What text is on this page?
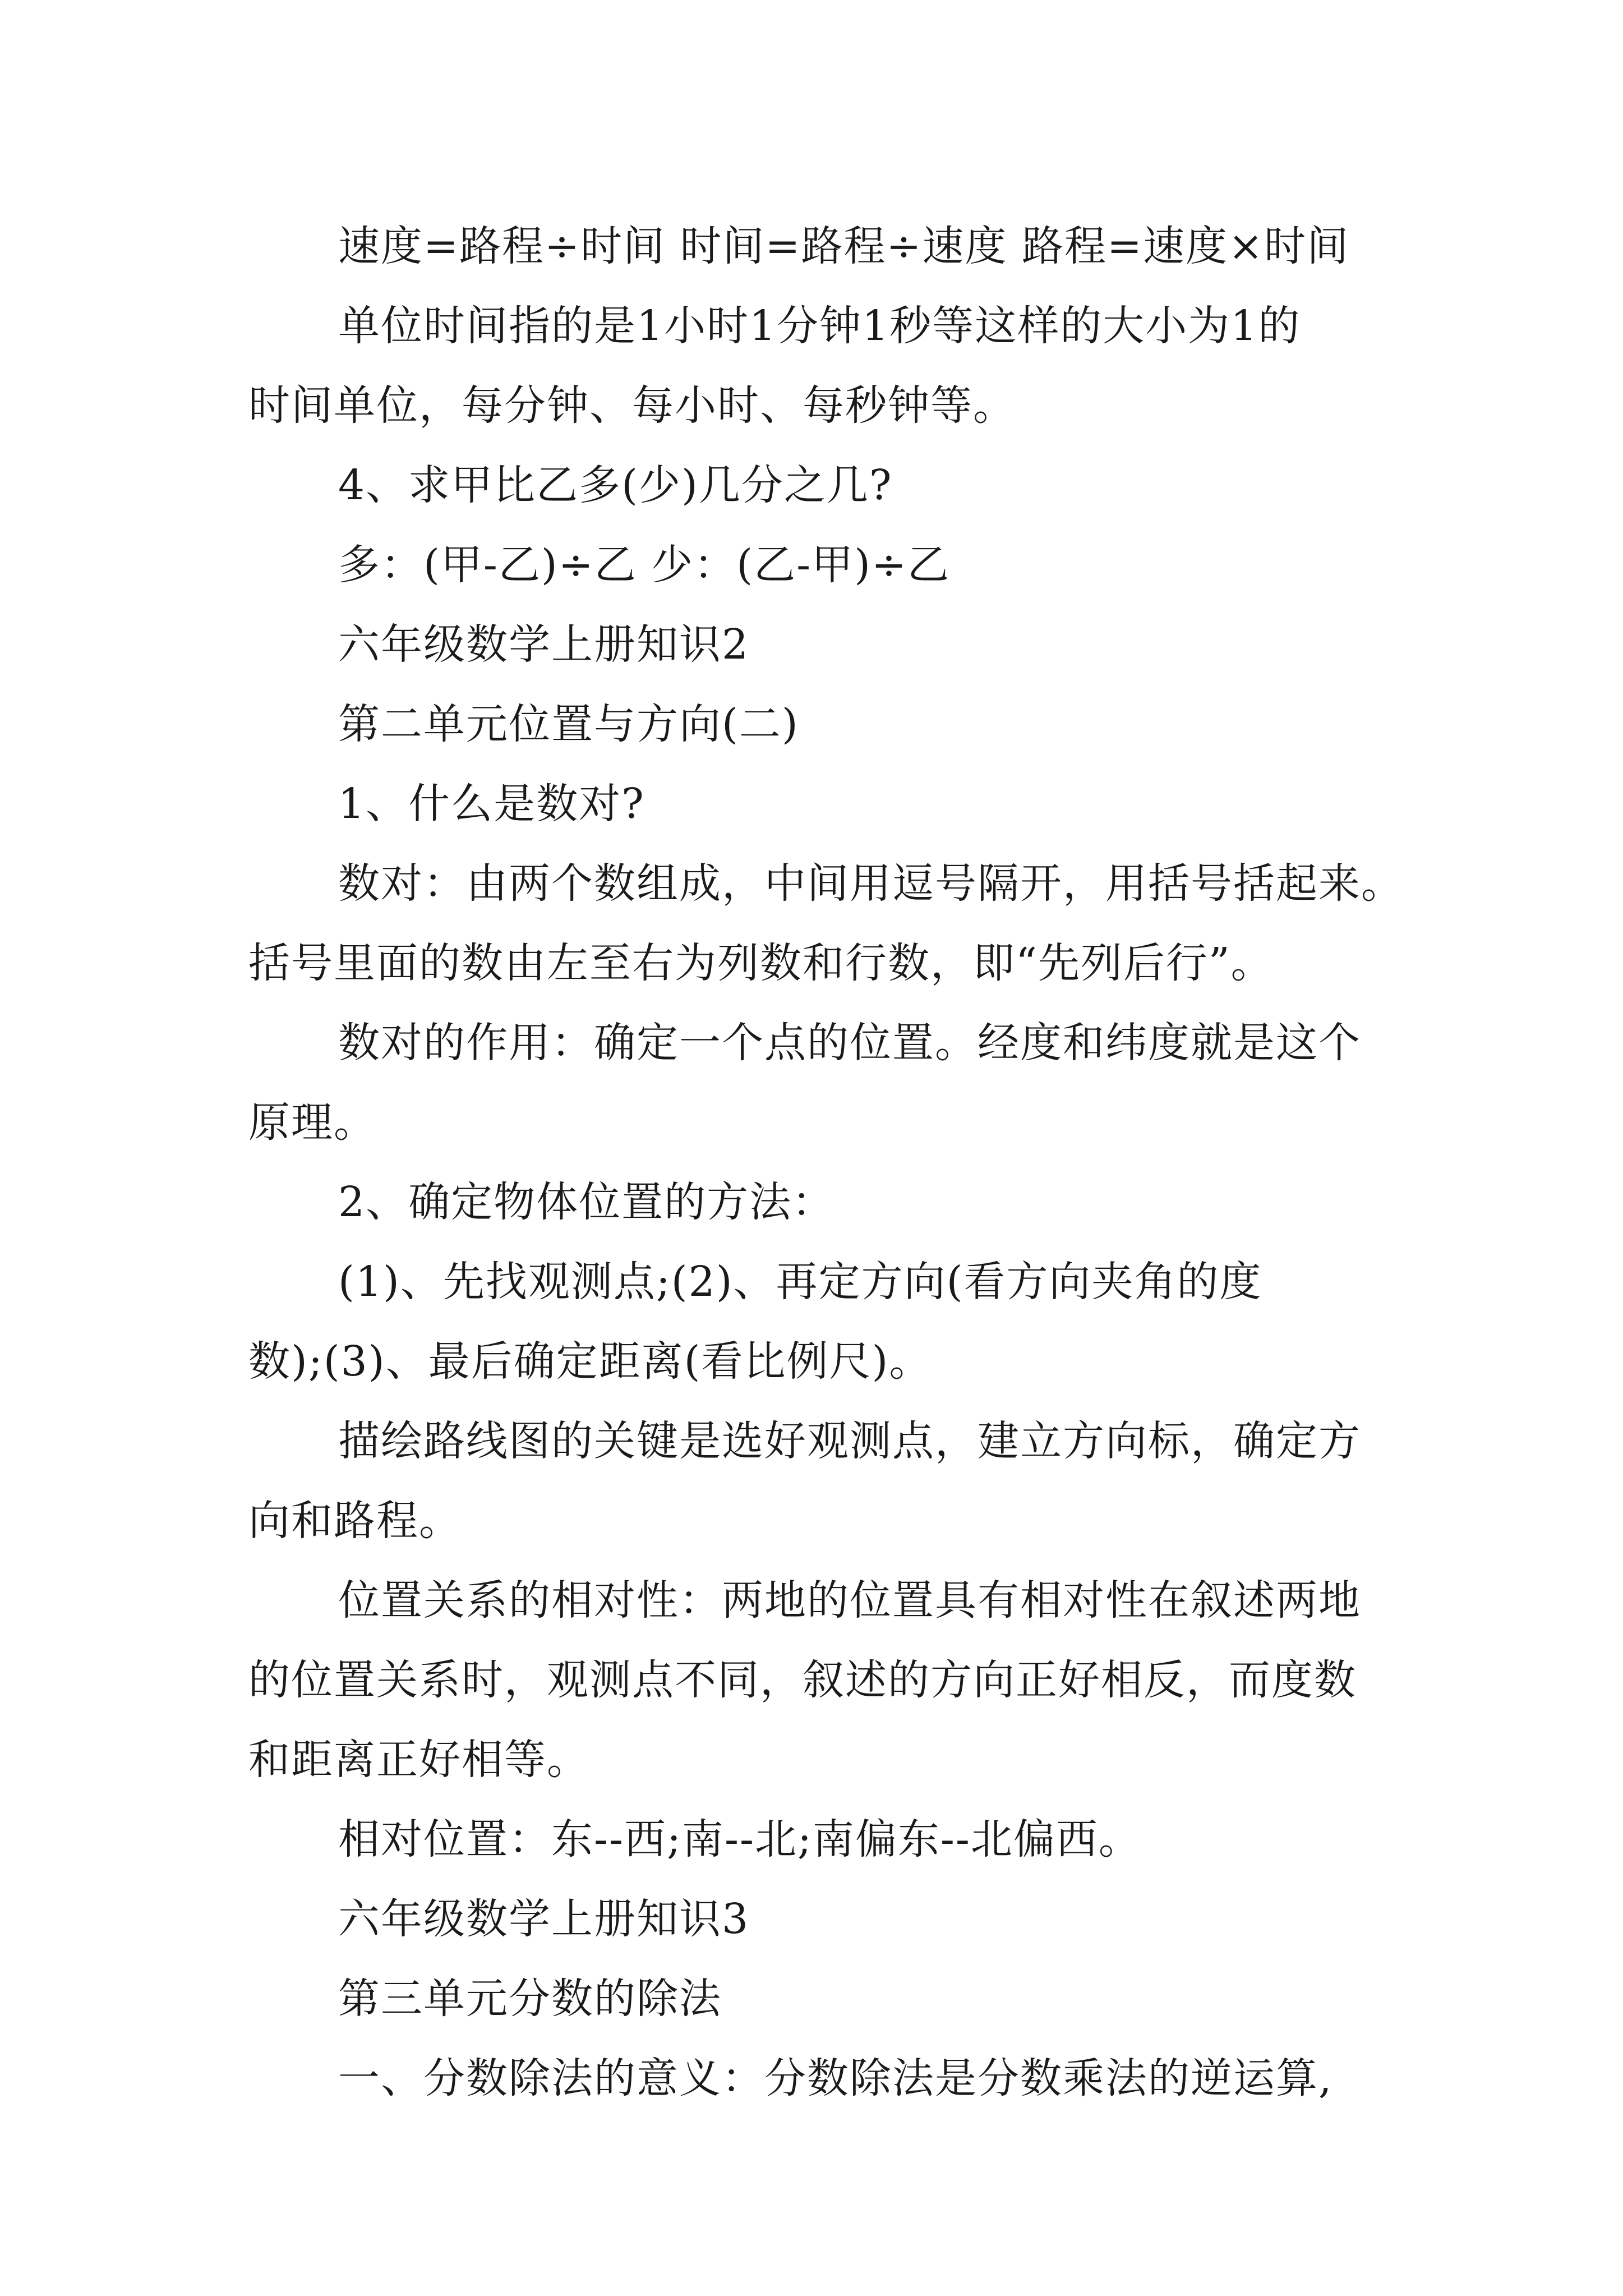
速度=路程÷时间 时间=路程÷速度 路程=速度×时间
单位时间指的是1小时1分钟1秒等这样的大小为1的
时间单位，每分钟、每小时、每秒钟等。
4、求甲比乙多(少)几分之几?
多：(甲-乙)÷乙 少：(乙-甲)÷乙
六年级数学上册知识2
第二单元位置与方向(二)
1、什么是数对?
数对：由两个数组成，中间用逗号隔开，用括号括起来。
括号里面的数由左至右为列数和行数，即“先列后行”。
数对的作用：确定一个点的位置。经度和纬度就是这个
原理。
2、确定物体位置的方法：
(1)、先找观测点;(2)、再定方向(看方向夹角的度
数);(3)、最后确定距离(看比例尺)。
描绘路线图的关键是选好观测点，建立方向标，确定方
向和路程。
位置关系的相对性：两地的位置具有相对性在叙述两地
的位置关系时，观测点不同，叙述的方向正好相反，而度数
和距离正好相等。
相对位置：东--西;南--北;南偏东--北偏西。
六年级数学上册知识3
第三单元分数的除法
一、分数除法的意义：分数除法是分数乘法的逆运算,
